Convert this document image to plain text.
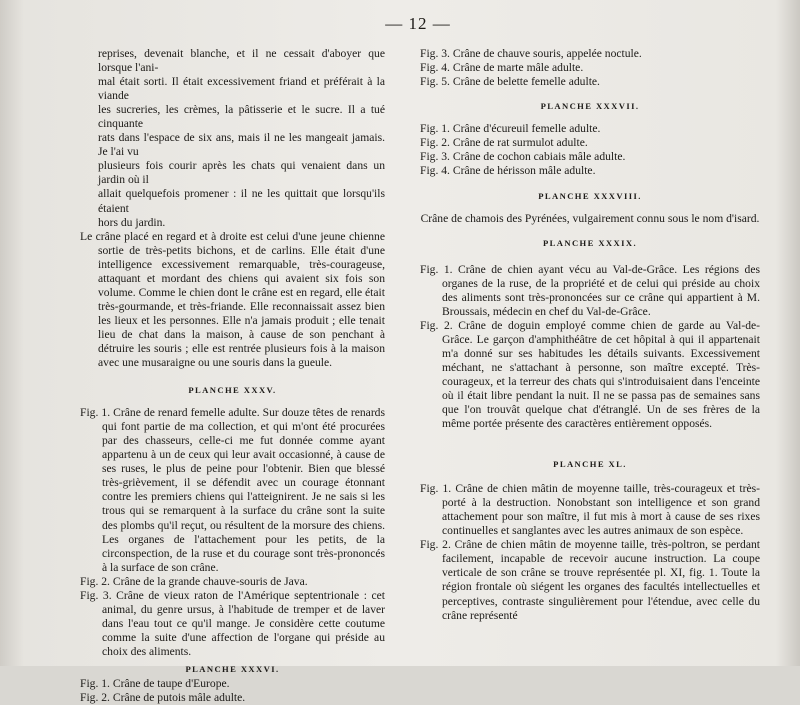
— 12 —

reprises, devenait blanche, et il ne cessait d'aboyer que lorsque l'ani-

mal était sorti. Il était excessivement friand et préférait à la viande

les sucreries, les crèmes, la pâtisserie et le sucre. Il a tué cinquante

rats dans l'espace de six ans, mais il ne les mangeait jamais. Je l'ai vu

plusieurs fois courir après les chats qui venaient dans un jardin où il

allait quelquefois promener : il ne les quittait que lorsqu'ils étaient

hors du jardin.

Le crâne placé en regard et à droite est celui d'une jeune chienne sortie de très-petits bichons, et de carlins. Elle était d'une intelligence excessivement remarquable, très-courageuse, attaquant et mordant des chiens qui avaient six fois son volume. Comme le chien dont le crâne est en regard, elle était très-gourmande, et très-friande. Elle reconnaissait assez bien les lieux et les personnes. Elle n'a jamais produit ; elle tenait lieu de chat dans la maison, à cause de son penchant à détruire les souris ; elle est rentrée plusieurs fois à la maison avec une musaraigne ou une souris dans la gueule.

PLANCHE XXXV.

Fig. 1. Crâne de renard femelle adulte. Sur douze têtes de renards qui font partie de ma collection, et qui m'ont été procurées par des chasseurs, celle-ci me fut donnée comme ayant appartenu à un de ceux qui leur avait occasionné, à cause de ses ruses, le plus de peine pour l'obtenir. Bien que blessé très-grièvement, il se défendit avec un courage étonnant contre les premiers chiens qui l'atteignirent. Je ne sais si les trous qui se remarquent à la surface du crâne sont la suite des plombs qu'il reçut, ou résultent de la morsure des chiens. Les organes de l'attachement pour les petits, de la circonspection, de la ruse et du courage sont très-prononcés à la surface de son crâne.

Fig. 2. Crâne de la grande chauve-souris de Java.

Fig. 3. Crâne de vieux raton de l'Amérique septentrionale : cet animal, du genre ursus, à l'habitude de tremper et de laver dans l'eau tout ce qu'il mange. Je considère cette coutume comme la suite d'une affection de l'organe qui préside au choix des aliments.

PLANCHE XXXVI.

Fig. 1. Crâne de taupe d'Europe.

Fig. 2. Crâne de putois mâle adulte.

Fig. 3. Crâne de chauve souris, appelée noctule.

Fig. 4. Crâne de marte mâle adulte.

Fig. 5. Crâne de belette femelle adulte.

PLANCHE XXXVII.

Fig. 1. Crâne d'écureuil femelle adulte.

Fig. 2. Crâne de rat surmulot adulte.

Fig. 3. Crâne de cochon cabiais mâle adulte.

Fig. 4. Crâne de hérisson mâle adulte.

PLANCHE XXXVIII.

Crâne de chamois des Pyrénées, vulgairement connu sous le nom d'isard.

PLANCHE XXXIX.

Fig. 1. Crâne de chien ayant vécu au Val-de-Grâce. Les régions des organes de la ruse, de la propriété et de celui qui préside au choix des aliments sont très-prononcées sur ce crâne qui appartient à M. Broussais, médecin en chef du Val-de-Grâce.

Fig. 2. Crâne de doguin employé comme chien de garde au Val-de-Grâce. Le garçon d'amphithéâtre de cet hôpital à qui il appartenait m'a donné sur ses habitudes les détails suivants. Excessivement méchant, ne s'attachant à personne, son maître excepté. Très-courageux, et la terreur des chats qui s'introduisaient dans l'enceinte où il était libre pendant la nuit. Il ne se passa pas de semaines sans que l'on trouvât quelque chat d'étranglé. Un de ses frères de la même portée présente des caractères entièrement opposés.

PLANCHE XL.

Fig. 1. Crâne de chien mâtin de moyenne taille, très-courageux et très-porté à la destruction. Nonobstant son intelligence et son grand attachement pour son maître, il fut mis à mort à cause de ses rixes continuelles et sanglantes avec les autres animaux de son espèce.

Fig. 2. Crâne de chien mâtin de moyenne taille, très-poltron, se perdant facilement, incapable de recevoir aucune instruction. La coupe verticale de son crâne se trouve représentée pl. XI, fig. 1. Toute la région frontale où siégent les organes des facultés intellectuelles et perceptives, contraste singulièrement pour l'étendue, avec celle du crâne représenté
